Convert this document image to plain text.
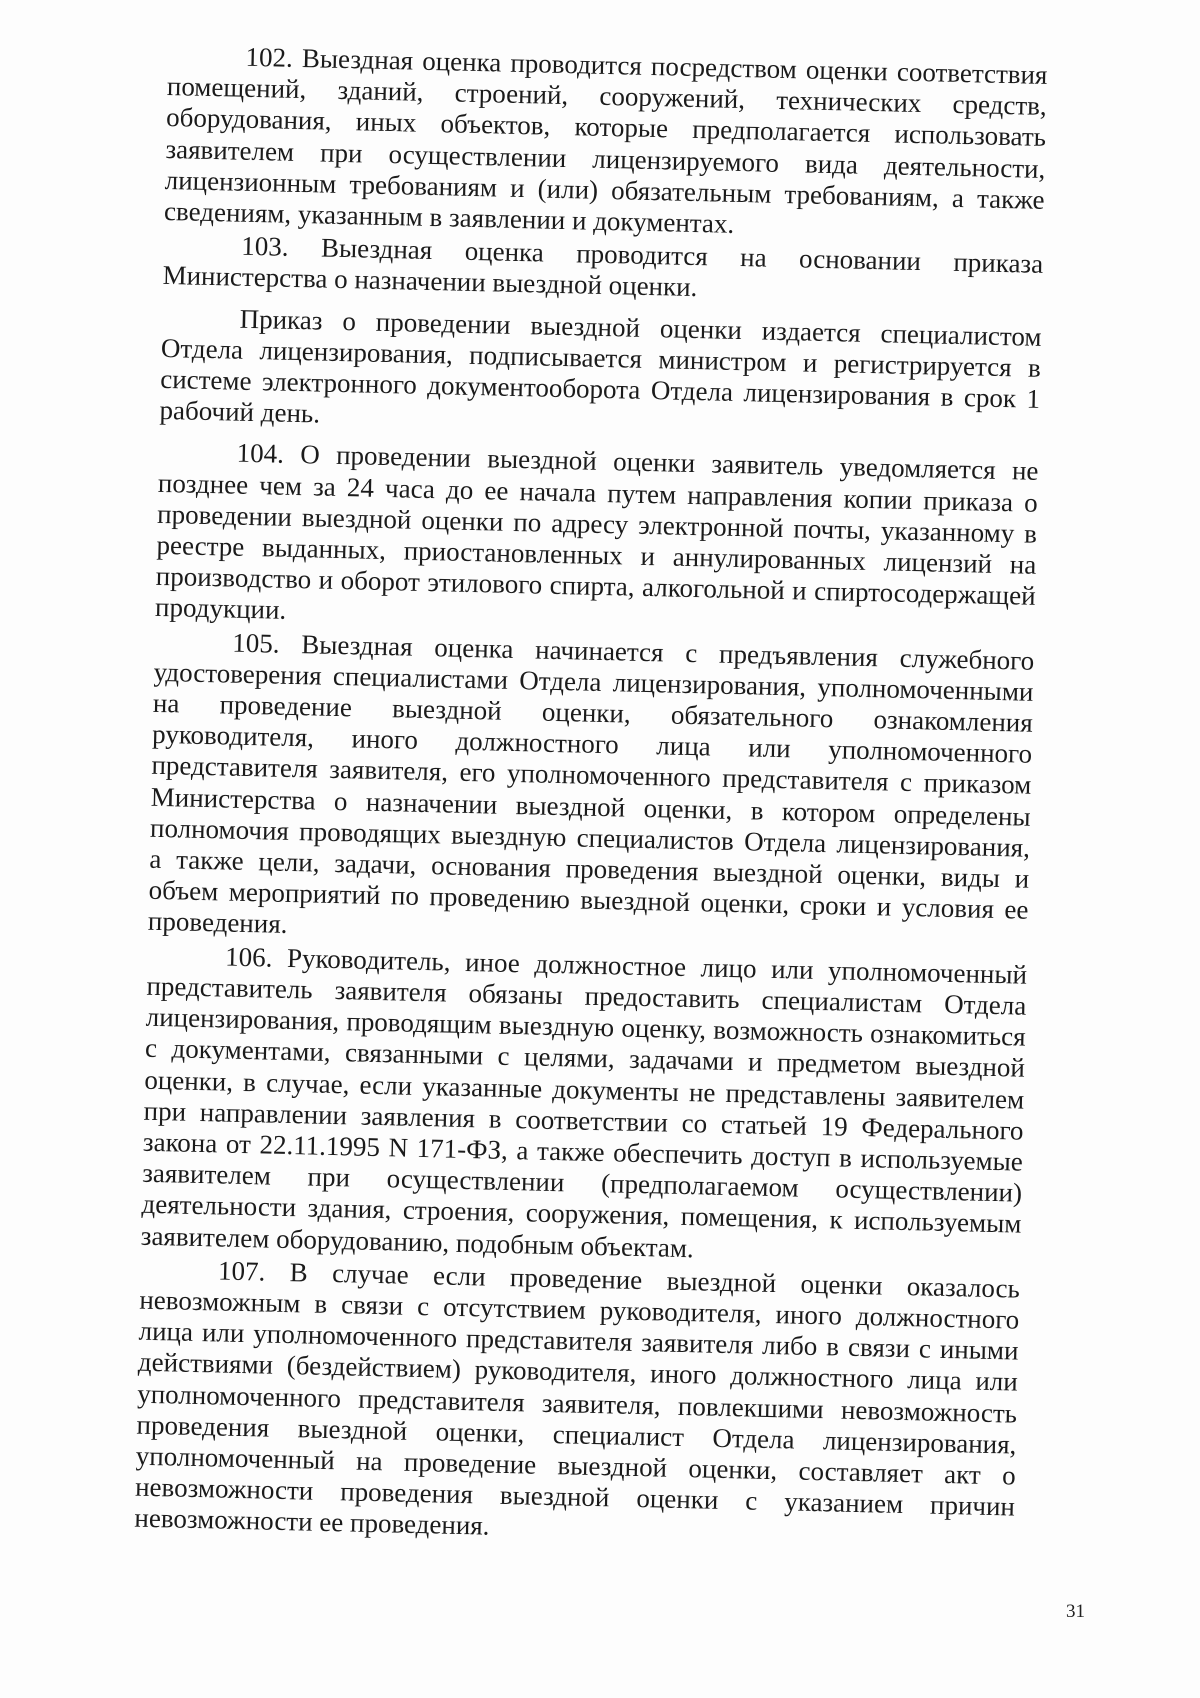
102. Выездная оценка проводится посредством оценки соответствия помещений, зданий, строений, сооружений, технических средств, оборудования, иных объектов, которые предполагается использовать заявителем при осуществлении лицензируемого вида деятельности, лицензионным требованиям и (или) обязательным требованиям, а также сведениям, указанным в заявлении и документах.

103. Выездная оценка проводится на основании приказа Министерства о назначении выездной оценки.

Приказ о проведении выездной оценки издается специалистом Отдела лицензирования, подписывается министром и регистрируется в системе электронного документооборота Отдела лицензирования в срок 1 рабочий день.

104. О проведении выездной оценки заявитель уведомляется не позднее чем за 24 часа до ее начала путем направления копии приказа о проведении выездной оценки по адресу электронной почты, указанному в реестре выданных, приостановленных и аннулированных лицензий на производство и оборот этилового спирта, алкогольной и спиртосодержащей продукции.

105. Выездная оценка начинается с предъявления служебного удостоверения специалистами Отдела лицензирования, уполномоченными на проведение выездной оценки, обязательного ознакомления руководителя, иного должностного лица или уполномоченного представителя заявителя, его уполномоченного представителя с приказом Министерства о назначении выездной оценки, в котором определены полномочия проводящих выездную специалистов Отдела лицензирования, а также цели, задачи, основания проведения выездной оценки, виды и объем мероприятий по проведению выездной оценки, сроки и условия ее проведения.

106. Руководитель, иное должностное лицо или уполномоченный представитель заявителя обязаны предоставить специалистам Отдела лицензирования, проводящим выездную оценку, возможность ознакомиться с документами, связанными с целями, задачами и предметом выездной оценки, в случае, если указанные документы не представлены заявителем при направлении заявления в соответствии со статьей 19 Федерального закона от 22.11.1995 N 171-ФЗ, а также обеспечить доступ в используемые заявителем при осуществлении (предполагаемом осуществлении) деятельности здания, строения, сооружения, помещения, к используемым заявителем оборудованию, подобным объектам.

107. В случае если проведение выездной оценки оказалось невозможным в связи с отсутствием руководителя, иного должностного лица или уполномоченного представителя заявителя либо в связи с иными действиями (бездействием) руководителя, иного должностного лица или уполномоченного представителя заявителя, повлекшими невозможность проведения выездной оценки, специалист Отдела лицензирования, уполномоченный на проведение выездной оценки, составляет акт о невозможности проведения выездной оценки с указанием причин невозможности ее проведения.

31
